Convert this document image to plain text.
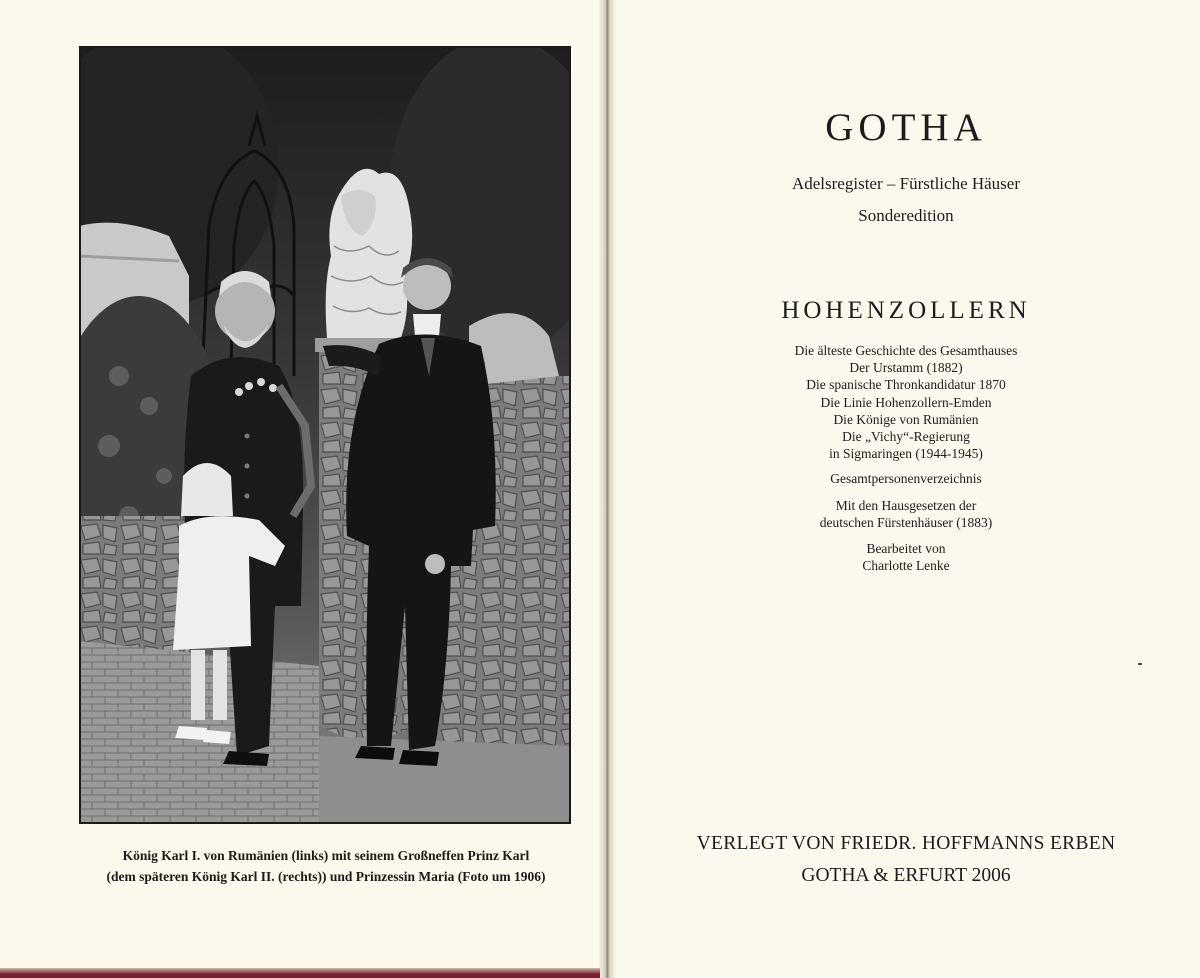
König Karl I. von Rumänien (links) mit seinem Großneffen Prinz Karl
(dem späteren König Karl II. (rechts)) und Prinzessin Maria (Foto um 1906)
GOTHA
Adelsregister – Fürstliche Häuser
Sonderedition
HOHENZOLLERN
Die älteste Geschichte des Gesamthauses
Der Urstamm (1882)
Die spanische Thronkandidatur 1870
Die Linie Hohenzollern-Emden
Die Könige von Rumänien
Die „Vichy“-Regierung
in Sigmaringen (1944-1945)
Gesamtpersonenverzeichnis
Mit den Hausgesetzen der
deutschen Fürstenhäuser (1883)
Bearbeitet von
Charlotte Lenke
VERLEGT VON FRIEDR. HOFFMANNS ERBEN
GOTHA & ERFURT 2006
